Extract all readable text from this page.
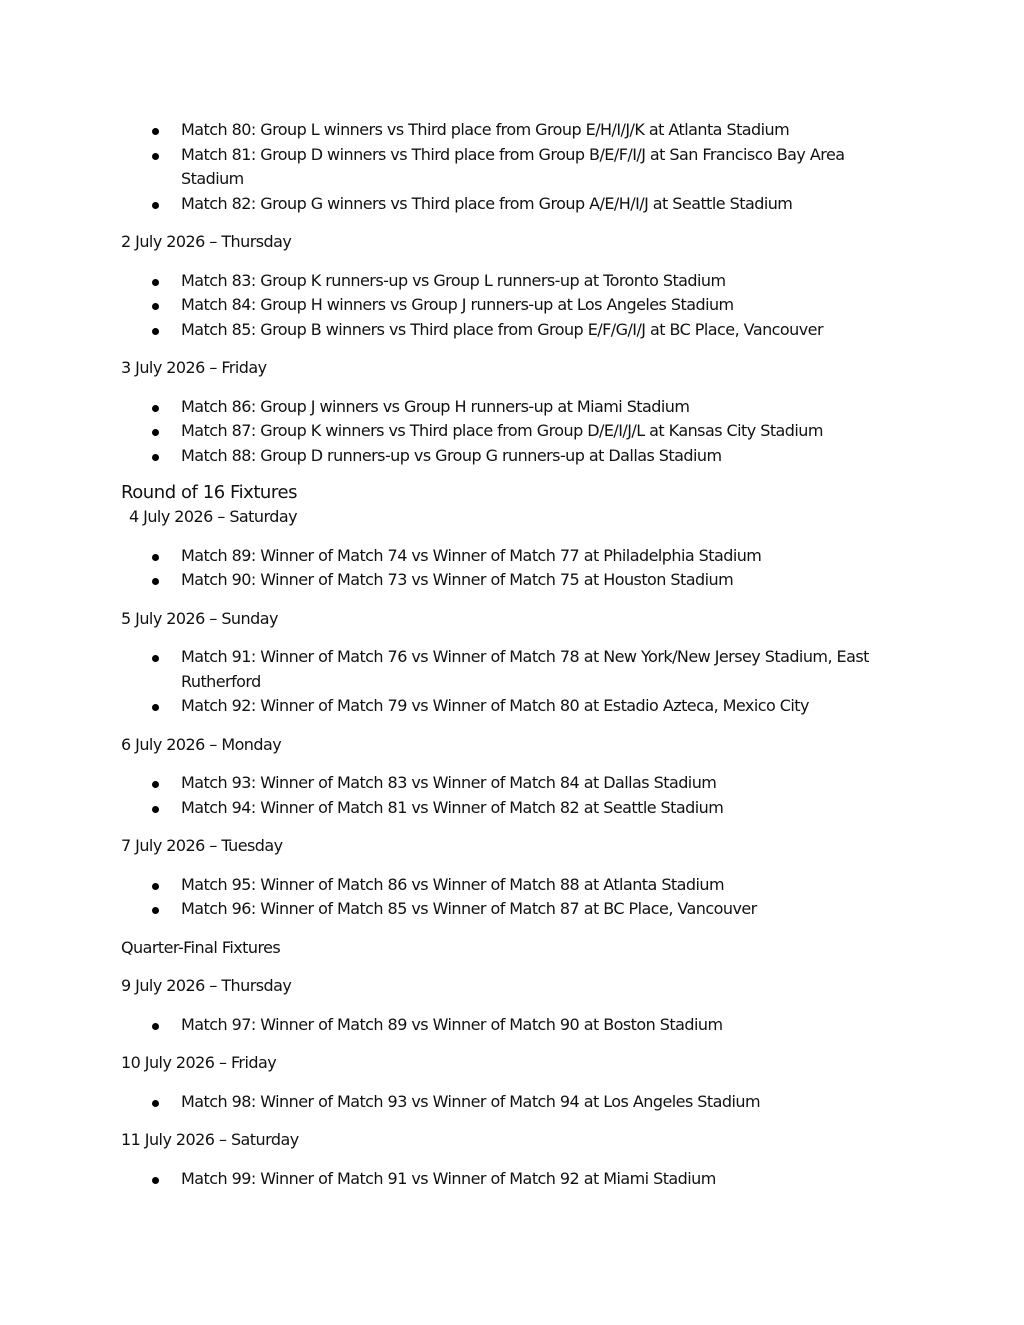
Match 80: Group L winners vs Third place from Group E/H/I/J/K at Atlanta Stadium
Match 81: Group D winners vs Third place from Group B/E/F/I/J at San Francisco Bay Area Stadium
Match 82: Group G winners vs Third place from Group A/E/H/I/J at Seattle Stadium
2 July 2026 – Thursday
Match 83: Group K runners-up vs Group L runners-up at Toronto Stadium
Match 84: Group H winners vs Group J runners-up at Los Angeles Stadium
Match 85: Group B winners vs Third place from Group E/F/G/I/J at BC Place, Vancouver
3 July 2026 – Friday
Match 86: Group J winners vs Group H runners-up at Miami Stadium
Match 87: Group K winners vs Third place from Group D/E/I/J/L at Kansas City Stadium
Match 88: Group D runners-up vs Group G runners-up at Dallas Stadium
Round of 16 Fixtures
4 July 2026 – Saturday
Match 89: Winner of Match 74 vs Winner of Match 77 at Philadelphia Stadium
Match 90: Winner of Match 73 vs Winner of Match 75 at Houston Stadium
5 July 2026 – Sunday
Match 91: Winner of Match 76 vs Winner of Match 78 at New York/New Jersey Stadium, East Rutherford
Match 92: Winner of Match 79 vs Winner of Match 80 at Estadio Azteca, Mexico City
6 July 2026 – Monday
Match 93: Winner of Match 83 vs Winner of Match 84 at Dallas Stadium
Match 94: Winner of Match 81 vs Winner of Match 82 at Seattle Stadium
7 July 2026 – Tuesday
Match 95: Winner of Match 86 vs Winner of Match 88 at Atlanta Stadium
Match 96: Winner of Match 85 vs Winner of Match 87 at BC Place, Vancouver
Quarter-Final Fixtures
9 July 2026 – Thursday
Match 97: Winner of Match 89 vs Winner of Match 90 at Boston Stadium
10 July 2026 – Friday
Match 98: Winner of Match 93 vs Winner of Match 94 at Los Angeles Stadium
11 July 2026 – Saturday
Match 99: Winner of Match 91 vs Winner of Match 92 at Miami Stadium
